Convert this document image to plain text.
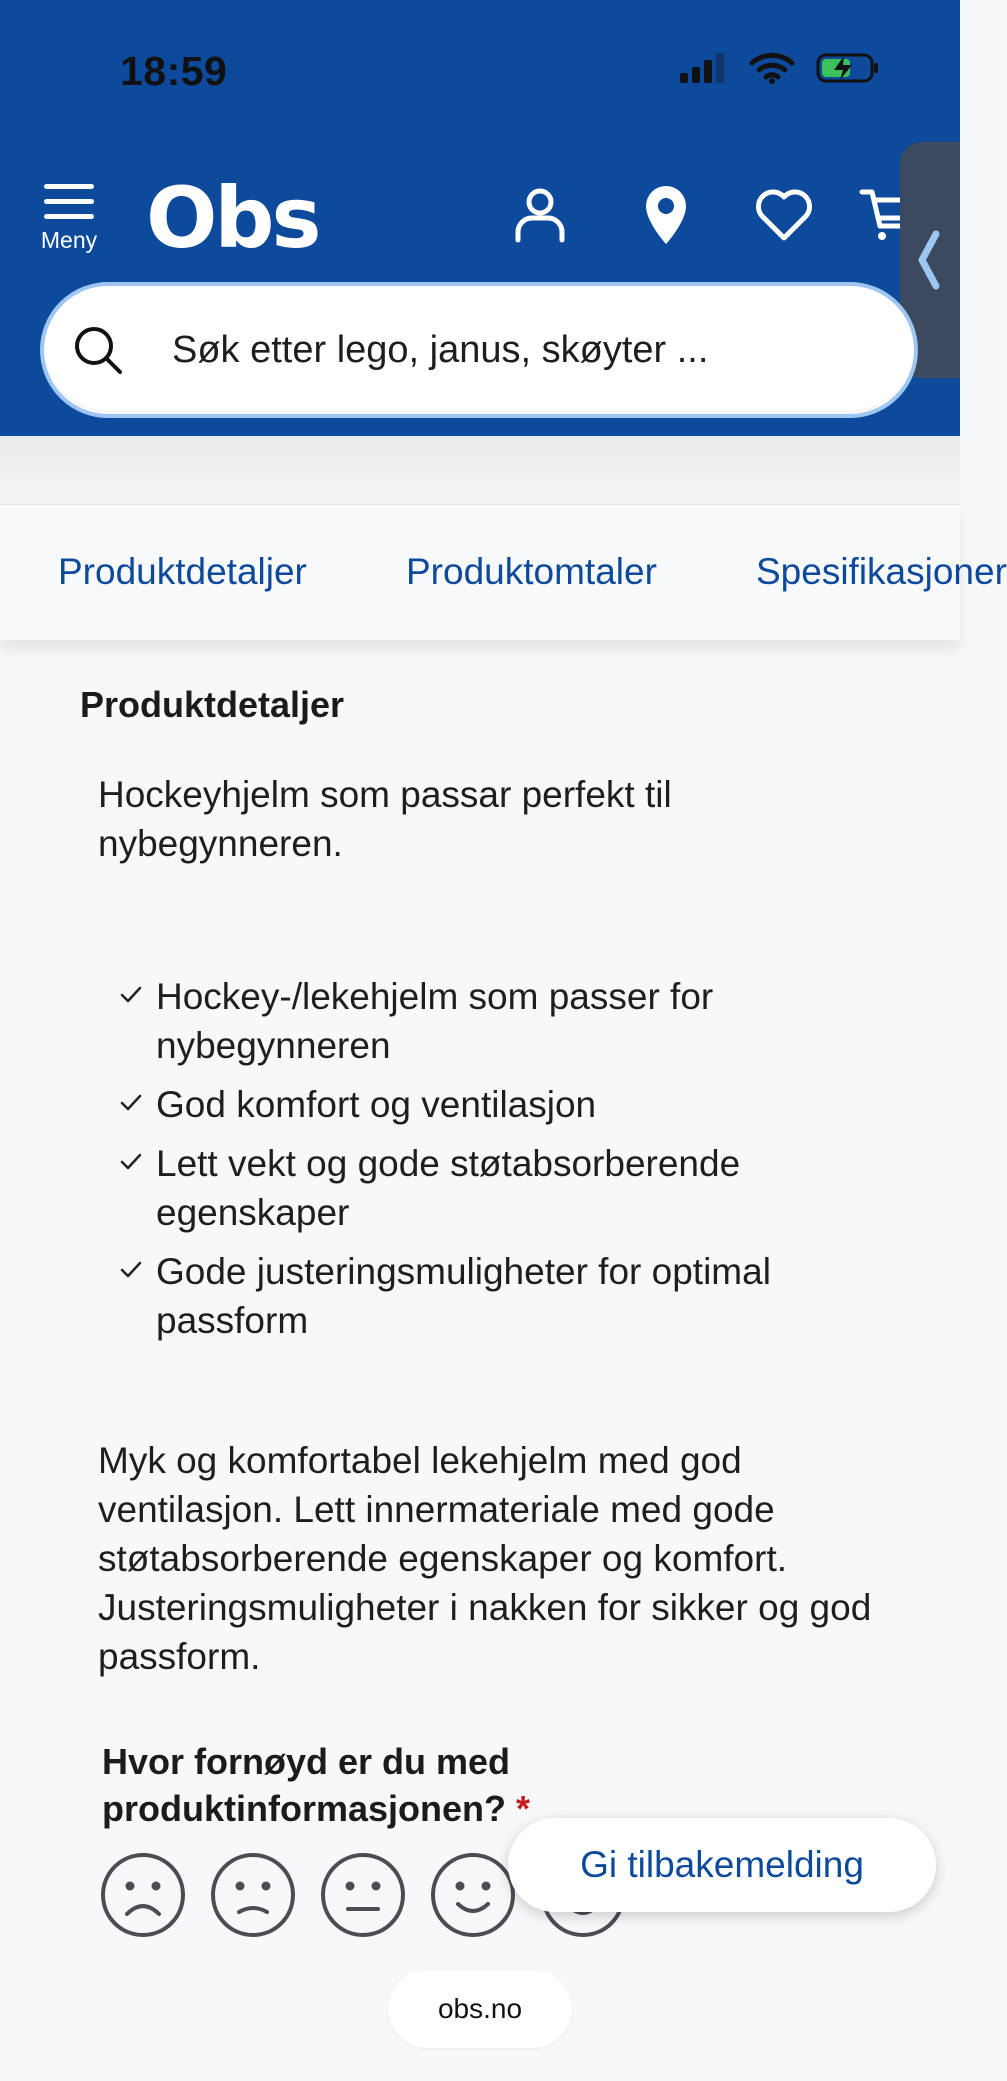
18:59
Meny Obs
Søk etter lego, janus, skøyter ...
Produktdetaljer	Produktomtaler	Spesifikasjoner
Produktdetaljer
Hockeyhjelm som passar perfekt til nybegynneren.
Hockey-/lekehjelm som passer for nybegynneren
God komfort og ventilasjon
Lett vekt og gode støtabsorberende egenskaper
Gode justeringsmuligheter for optimal passform
Myk og komfortabel lekehjelm med god ventilasjon. Lett innermateriale med gode støtabsorberende egenskaper og komfort. Justeringsmuligheter i nakken for sikker og god passform.
Hvor fornøyd er du med produktinformasjonen? *
Gi tilbakemelding
obs.no
